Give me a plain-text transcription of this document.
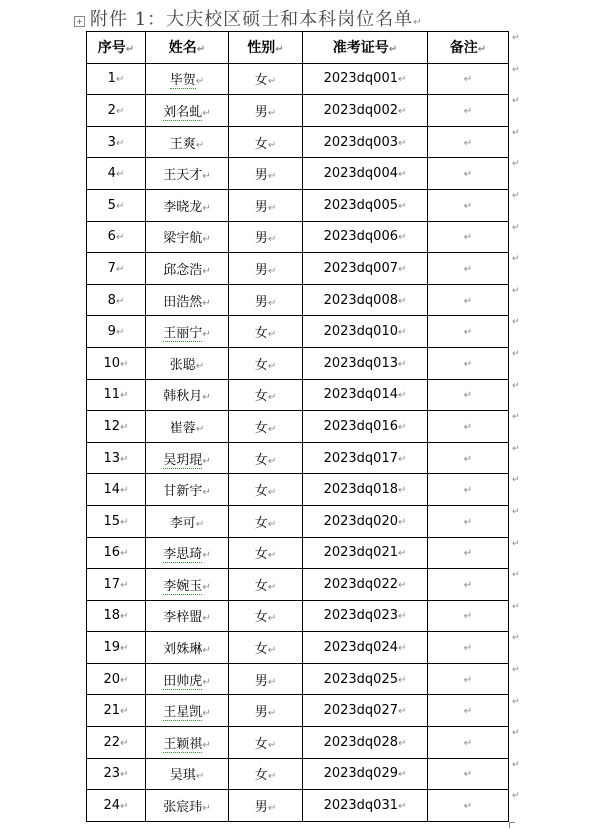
+ 附件 1：大庆校区硕士和本科岗位名单↵
序号↵	姓名↵	性别↵	准考证号↵	备注↵
1↵	毕贺↵	女↵	2023dq001↵	↵
2↵	刘名虬↵	男↵	2023dq002↵	↵
3↵	王爽↵	女↵	2023dq003↵	↵
4↵	王天才↵	男↵	2023dq004↵	↵
5↵	李晓龙↵	男↵	2023dq005↵	↵
6↵	梁宇航↵	男↵	2023dq006↵	↵
7↵	邱念浩↵	男↵	2023dq007↵	↵
8↵	田浩然↵	男↵	2023dq008↵	↵
9↵	王丽宁↵	女↵	2023dq010↵	↵
10↵	张聪↵	女↵	2023dq013↵	↵
11↵	韩秋月↵	女↵	2023dq014↵	↵
12↵	崔蓉↵	女↵	2023dq016↵	↵
13↵	吴玥琨↵	女↵	2023dq017↵	↵
14↵	甘新宇↵	女↵	2023dq018↵	↵
15↵	李可↵	女↵	2023dq020↵	↵
16↵	李思琦↵	女↵	2023dq021↵	↵
17↵	李婉玉↵	女↵	2023dq022↵	↵
18↵	李梓盟↵	女↵	2023dq023↵	↵
19↵	刘姝琳↵	女↵	2023dq024↵	↵
20↵	田帅虎↵	男↵	2023dq025↵	↵
21↵	王星凯↵	男↵	2023dq027↵	↵
22↵	王颖祺↵	女↵	2023dq028↵	↵
23↵	吴琪↵	女↵	2023dq029↵	↵
24↵	张宸玮↵	男↵	2023dq031↵	↵
↵
↵
↵
↵
↵
↵
↵
↵
↵
↵
↵
↵
↵
↵
↵
↵
↵
↵
↵
↵
↵
↵
↵
↵
↵
